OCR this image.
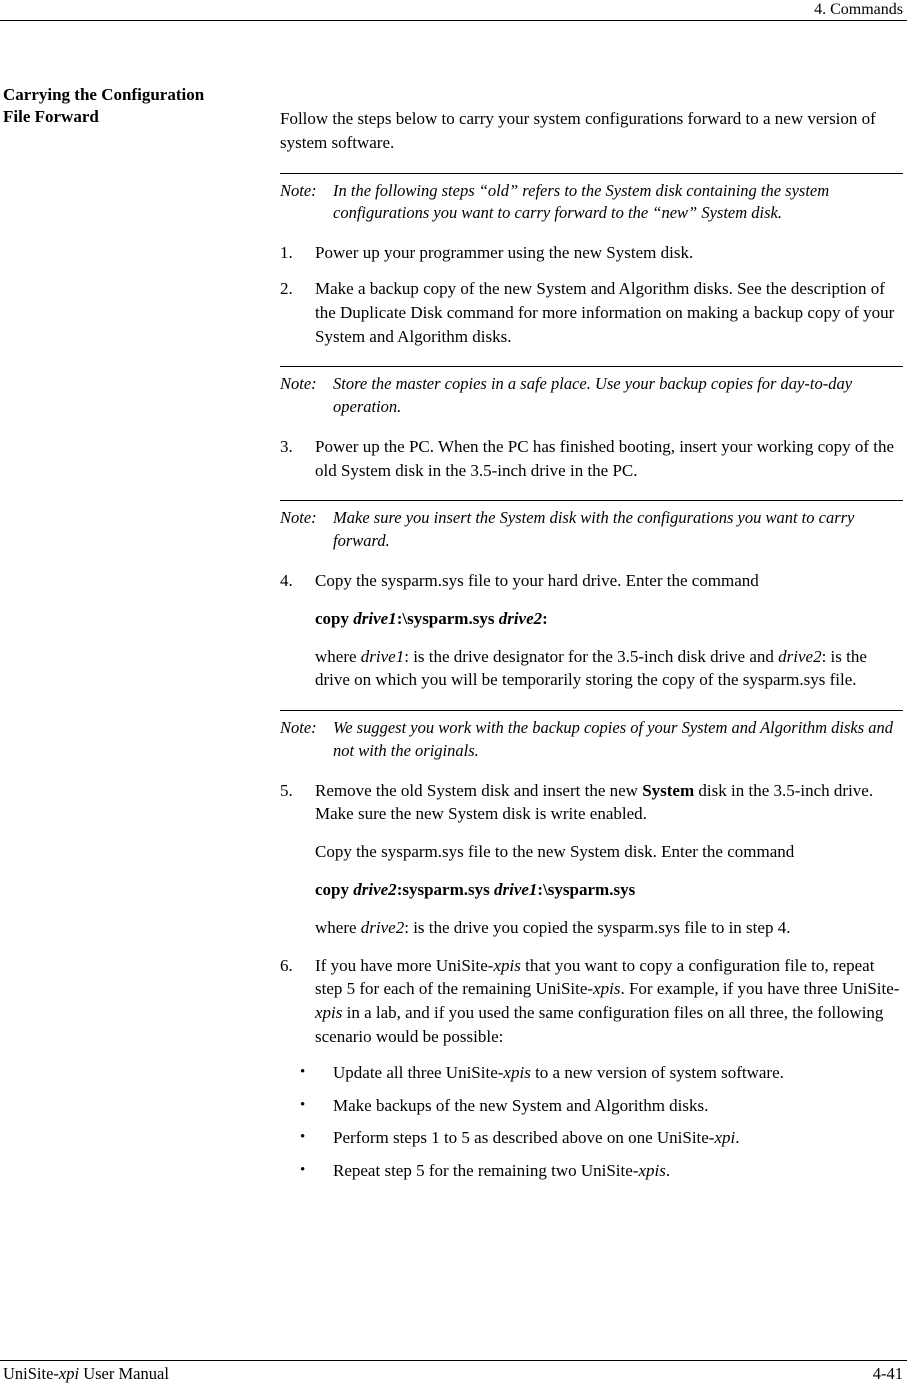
4. Commands
Carrying the Configuration
File Forward	Follow the steps below to carry your system configurations forward to a new version of system software.

Note: In the following steps “old” refers to the System disk containing the system configurations you want to carry forward to the “new” System disk.
1.	Power up your programmer using the new System disk.
2.	Make a backup copy of the new System and Algorithm disks. See the description of the Duplicate Disk command for more information on making a backup copy of your System and Algorithm disks.
Note: Store the master copies in a safe place. Use your backup copies for day-to-day operation.
3.	Power up the PC. When the PC has finished booting, insert your working copy of the old System disk in the 3.5-inch drive in the PC.
Note: Make sure you insert the System disk with the configurations you want to carry forward.
4.	Copy the sysparm.sys file to your hard drive. Enter the command

copy drive1:\sysparm.sys drive2:

where drive1: is the drive designator for the 3.5-inch disk drive and drive2: is the drive on which you will be temporarily storing the copy of the sysparm.sys file.

Note: We suggest you work with the backup copies of your System and Algorithm disks and not with the originals.
5.	Remove the old System disk and insert the new System disk in the 3.5-inch drive. Make sure the new System disk is write enabled.

Copy the sysparm.sys file to the new System disk. Enter the command

copy drive2:sysparm.sys drive1:\sysparm.sys

where drive2: is the drive you copied the sysparm.sys file to in step 4.

6.	If you have more UniSite-xpis that you want to copy a configuration file to, repeat step 5 for each of the remaining UniSite-xpis. For example, if you have three UniSite-xpis in a lab, and if you used the same configuration files on all three, the following scenario would be possible:
•	Update all three UniSite-xpis to a new version of system software.
•	Make backups of the new System and Algorithm disks.
•	Perform steps 1 to 5 as described above on one UniSite-xpi.
•	Repeat step 5 for the remaining two UniSite-xpis.
UniSite-xpi User Manual	4-41
